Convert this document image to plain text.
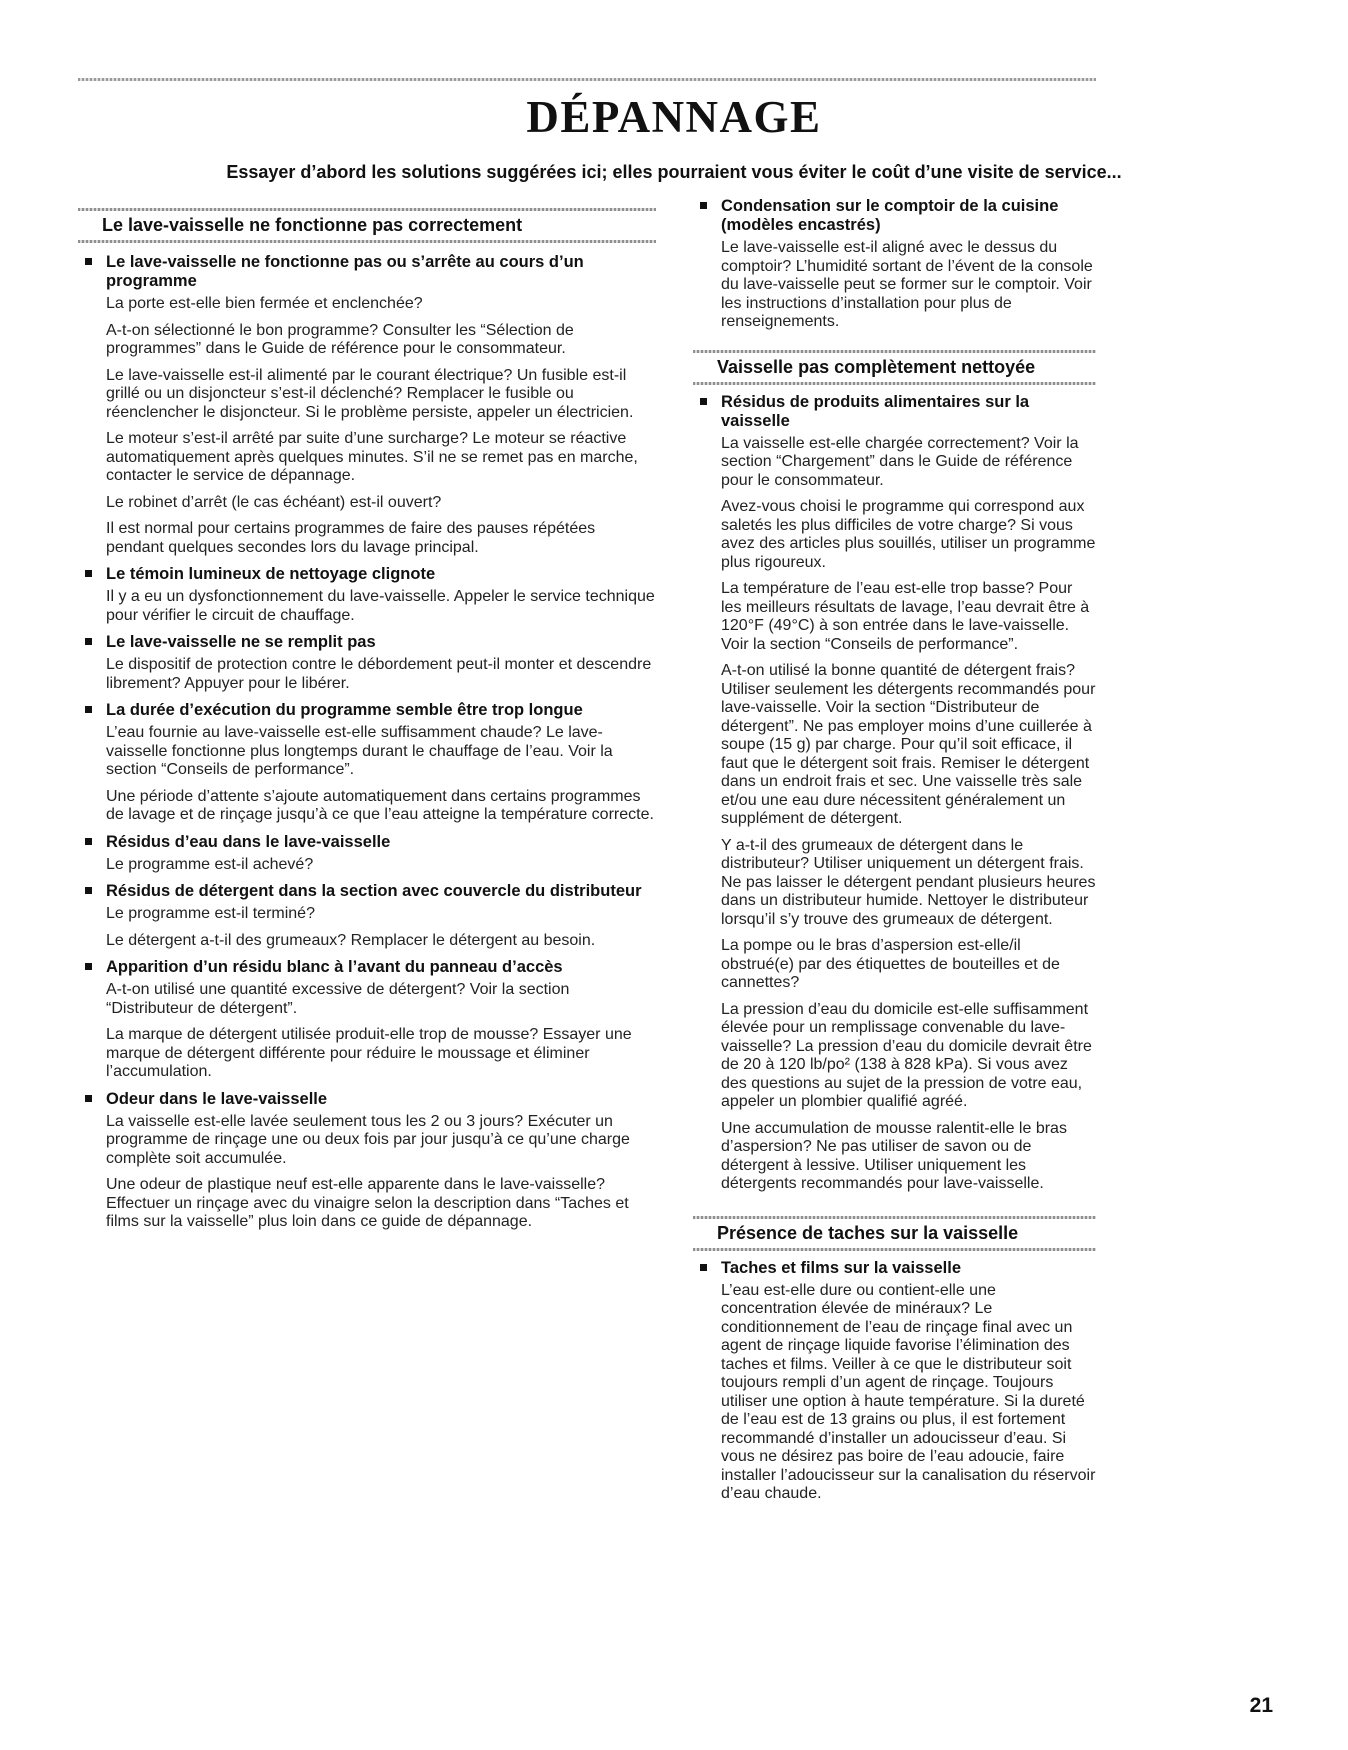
DÉPANNAGE

Essayer d’abord les solutions suggérées ici; elles pourraient vous éviter le coût d’une visite de service...

Le lave-vaisselle ne fonctionne pas correctement

Le lave-vaisselle ne fonctionne pas ou s’arrête au cours d’un programme

La porte est-elle bien fermée et enclenchée?

A-t-on sélectionné le bon programme? Consulter les “Sélection de programmes” dans le Guide de référence pour le consommateur.

Le lave-vaisselle est-il alimenté par le courant électrique? Un fusible est-il grillé ou un disjoncteur s’est-il déclenché? Remplacer le fusible ou réenclencher le disjoncteur. Si le problème persiste, appeler un électricien.

Le moteur s’est-il arrêté par suite d’une surcharge? Le moteur se réactive automatiquement après quelques minutes. S’il ne se remet pas en marche, contacter le service de dépannage.

Le robinet d’arrêt (le cas échéant) est-il ouvert?

Il est normal pour certains programmes de faire des pauses répétées pendant quelques secondes lors du lavage principal.

Le témoin lumineux de nettoyage clignote

Il y a eu un dysfonctionnement du lave-vaisselle. Appeler le service technique pour vérifier le circuit de chauffage.

Le lave-vaisselle ne se remplit pas

Le dispositif de protection contre le débordement peut-il monter et descendre librement? Appuyer pour le libérer.

La durée d’exécution du programme semble être trop longue

L’eau fournie au lave-vaisselle est-elle suffisamment chaude? Le lave-vaisselle fonctionne plus longtemps durant le chauffage de l’eau. Voir la section “Conseils de performance”.

Une période d’attente s’ajoute automatiquement dans certains programmes de lavage et de rinçage jusqu’à ce que l’eau atteigne la température correcte.

Résidus d’eau dans le lave-vaisselle

Le programme est-il achevé?

Résidus de détergent dans la section avec couvercle du distributeur

Le programme est-il terminé?

Le détergent a-t-il des grumeaux? Remplacer le détergent au besoin.

Apparition d’un résidu blanc à l’avant du panneau d’accès

A-t-on utilisé une quantité excessive de détergent? Voir la section “Distributeur de détergent”.

La marque de détergent utilisée produit-elle trop de mousse? Essayer une marque de détergent différente pour réduire le moussage et éliminer l’accumulation.

Odeur dans le lave-vaisselle

La vaisselle est-elle lavée seulement tous les 2 ou 3 jours? Exécuter un programme de rinçage une ou deux fois par jour jusqu’à ce qu’une charge complète soit accumulée.

Une odeur de plastique neuf est-elle apparente dans le lave-vaisselle? Effectuer un rinçage avec du vinaigre selon la description dans “Taches et films sur la vaisselle” plus loin dans ce guide de dépannage.

Condensation sur le comptoir de la cuisine (modèles encastrés)

Le lave-vaisselle est-il aligné avec le dessus du comptoir? L’humidité sortant de l’évent de la console du lave-vaisselle peut se former sur le comptoir. Voir les instructions d’installation pour plus de renseignements.

Vaisselle pas complètement nettoyée

Résidus de produits alimentaires sur la vaisselle

La vaisselle est-elle chargée correctement? Voir la section “Chargement” dans le Guide de référence pour le consommateur.

Avez-vous choisi le programme qui correspond aux saletés les plus difficiles de votre charge? Si vous avez des articles plus souillés, utiliser un programme plus rigoureux.

La température de l’eau est-elle trop basse? Pour les meilleurs résultats de lavage, l’eau devrait être à 120°F (49°C) à son entrée dans le lave-vaisselle. Voir la section “Conseils de performance”.

A-t-on utilisé la bonne quantité de détergent frais? Utiliser seulement les détergents recommandés pour lave-vaisselle. Voir la section “Distributeur de détergent”. Ne pas employer moins d’une cuillerée à soupe (15 g) par charge. Pour qu’il soit efficace, il faut que le détergent soit frais. Remiser le détergent dans un endroit frais et sec. Une vaisselle très sale et/ou une eau dure nécessitent généralement un supplément de détergent.

Y a-t-il des grumeaux de détergent dans le distributeur? Utiliser uniquement un détergent frais. Ne pas laisser le détergent pendant plusieurs heures dans un distributeur humide. Nettoyer le distributeur lorsqu’il s’y trouve des grumeaux de détergent.

La pompe ou le bras d’aspersion est-elle/il obstrué(e) par des étiquettes de bouteilles et de cannettes?

La pression d’eau du domicile est-elle suffisamment élevée pour un remplissage convenable du lave-vaisselle? La pression d’eau du domicile devrait être de 20 à 120 lb/po² (138 à 828 kPa). Si vous avez des questions au sujet de la pression de votre eau, appeler un plombier qualifié agréé.

Une accumulation de mousse ralentit-elle le bras d’aspersion? Ne pas utiliser de savon ou de détergent à lessive. Utiliser uniquement les détergents recommandés pour lave-vaisselle.

Présence de taches sur la vaisselle

Taches et films sur la vaisselle

L’eau est-elle dure ou contient-elle une concentration élevée de minéraux? Le conditionnement de l’eau de rinçage final avec un agent de rinçage liquide favorise l’élimination des taches et films. Veiller à ce que le distributeur soit toujours rempli d’un agent de rinçage. Toujours utiliser une option à haute température. Si la dureté de l’eau est de 13 grains ou plus, il est fortement recommandé d’installer un adoucisseur d’eau. Si vous ne désirez pas boire de l’eau adoucie, faire installer l’adoucisseur sur la canalisation du réservoir d’eau chaude.

21
